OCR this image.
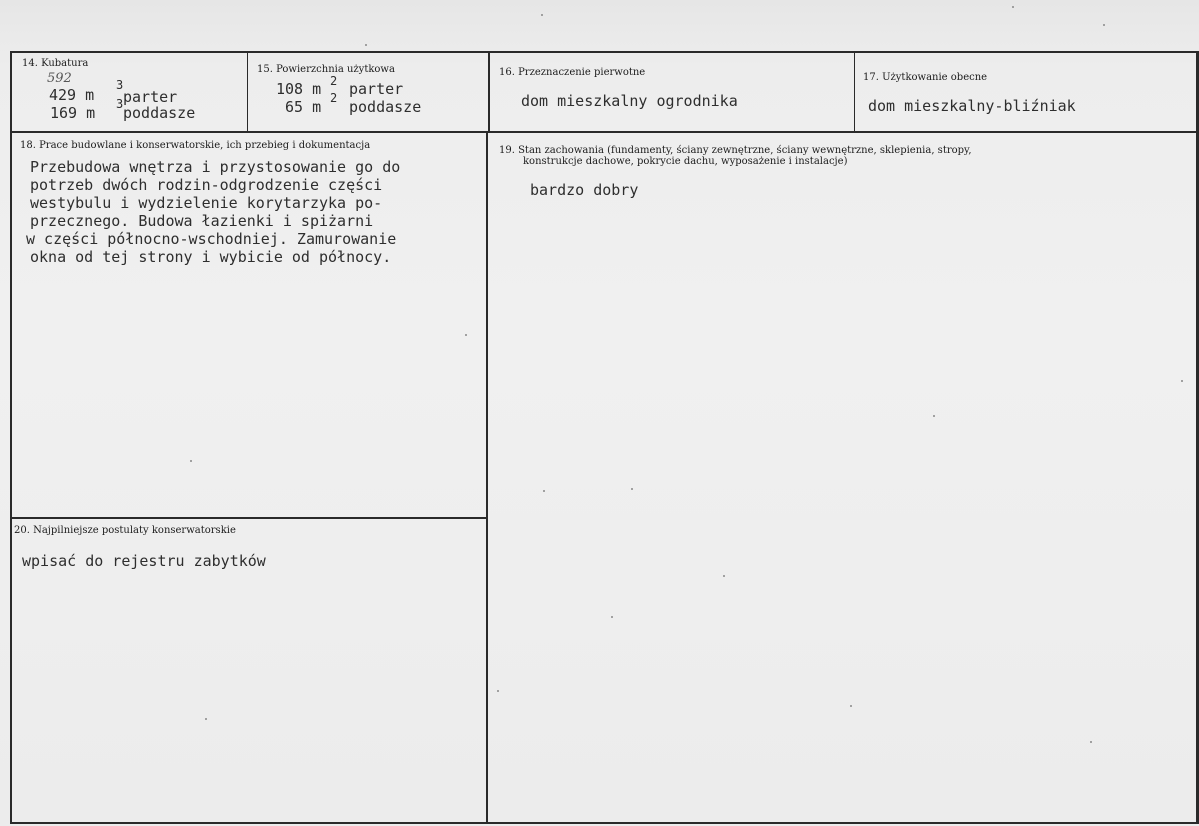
14. Kubatura
592
429 m
3
parter
169 m 3 poddasze
15. Powierzchnia użytkowa
108 m 2 parter
65 m 2 poddasze
16. Przeznaczenie pierwotne
dom mieszkalny ogrodnika
17. Użytkowanie obecne
dom mieszkalny-bliźniak
18. Prace budowlane i konserwatorskie, ich przebieg i dokumentacja
Przebudowa wnętrza i przystosowanie go do
potrzeb dwóch rodzin-odgrodzenie części
westybulu i wydzielenie korytarzyka po-
przecznego. Budowa łazienki i spiżarni
w części północno-wschodniej. Zamurowanie
okna od tej strony i wybicie od północy.
19. Stan zachowania (fundamenty, ściany zewnętrzne, ściany wewnętrzne, sklepienia, stropy,
konstrukcje dachowe, pokrycie dachu, wyposażenie i instalacje)
bardzo dobry
20. Najpilniejsze postulaty konserwatorskie
wpisać do rejestru zabytków
